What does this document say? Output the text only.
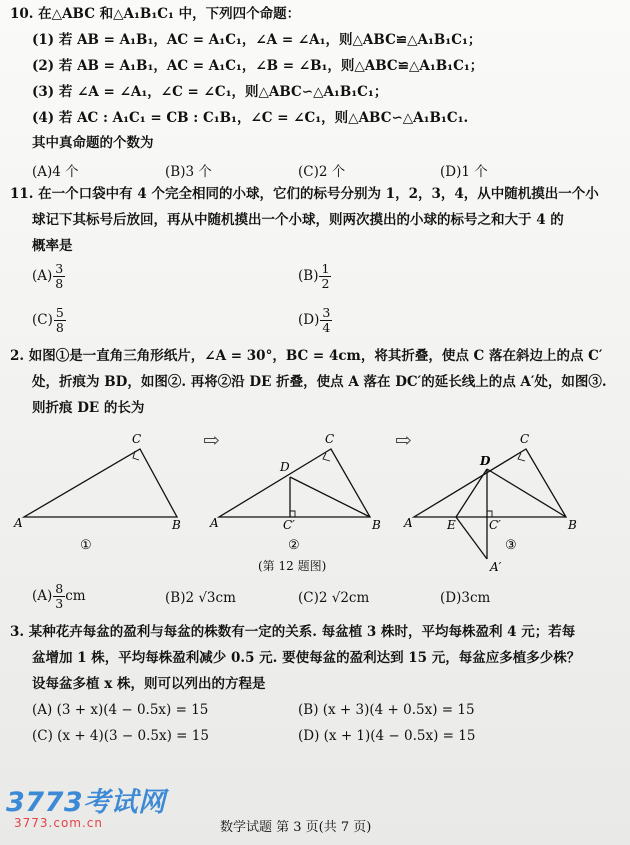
10. 在△ABC 和△A₁B₁C₁ 中，下列四个命题：
(1) 若 AB = A₁B₁，AC = A₁C₁，∠A = ∠A₁，则△ABC≌△A₁B₁C₁；
(2) 若 AB = A₁B₁，AC = A₁C₁，∠B = ∠B₁，则△ABC≌△A₁B₁C₁；
(3) 若 ∠A = ∠A₁，∠C = ∠C₁，则△ABC∽△A₁B₁C₁；
(4) 若 AC : A₁C₁ = CB : C₁B₁，∠C = ∠C₁，则△ABC∽△A₁B₁C₁.
其中真命题的个数为
(A)4 个	(B)3 个	(C)2 个	(D)1 个
11. 在一个口袋中有 4 个完全相同的小球，它们的标号分别为 1，2，3，4，从中随机摸出一个小
球记下其标号后放回，再从中随机摸出一个小球，则两次摸出的小球的标号之和大于 4 的
概率是
$(A) \frac{3}{8}$	$(B) \frac{1}{2}$
$(C) \frac{5}{8}$	$(D) \frac{3}{4}$
2. 如图①是一直角三角形纸片，∠A = 30°，BC = 4cm，将其折叠，使点 C 落在斜边上的点 C′
处，折痕为 BD，如图②. 再将②沿 DE 折叠，使点 A 落在 DC′的延长线上的点 A′处，如图③.
则折痕 DE 的长为
A	B
C
①
⇨
A	B
C
D
C′
②
⇨
A	B
C
D
E	C′
A′
③
(第 12 题图)
$(A) \frac{8}{3}$ cm	(B)2 √3cm	(C)2 √2cm	(D)3cm
3. 某种花卉每盆的盈利与每盆的株数有一定的关系. 每盆植 3 株时，平均每株盈利 4 元；若每
盆增加 1 株，平均每株盈利减少 0.5 元. 要使每盆的盈利达到 15 元，每盆应多植多少株？
设每盆多植 x 株，则可以列出的方程是
(A) (3 + x)(4 − 0.5x) = 15	(B) (x + 3)(4 + 0.5x) = 15
(C) (x + 4)(3 − 0.5x) = 15	(D) (x + 1)(4 − 0.5x) = 15
3773考试网
3773.com.cn	数学试题 第 3 页(共 7 页)
